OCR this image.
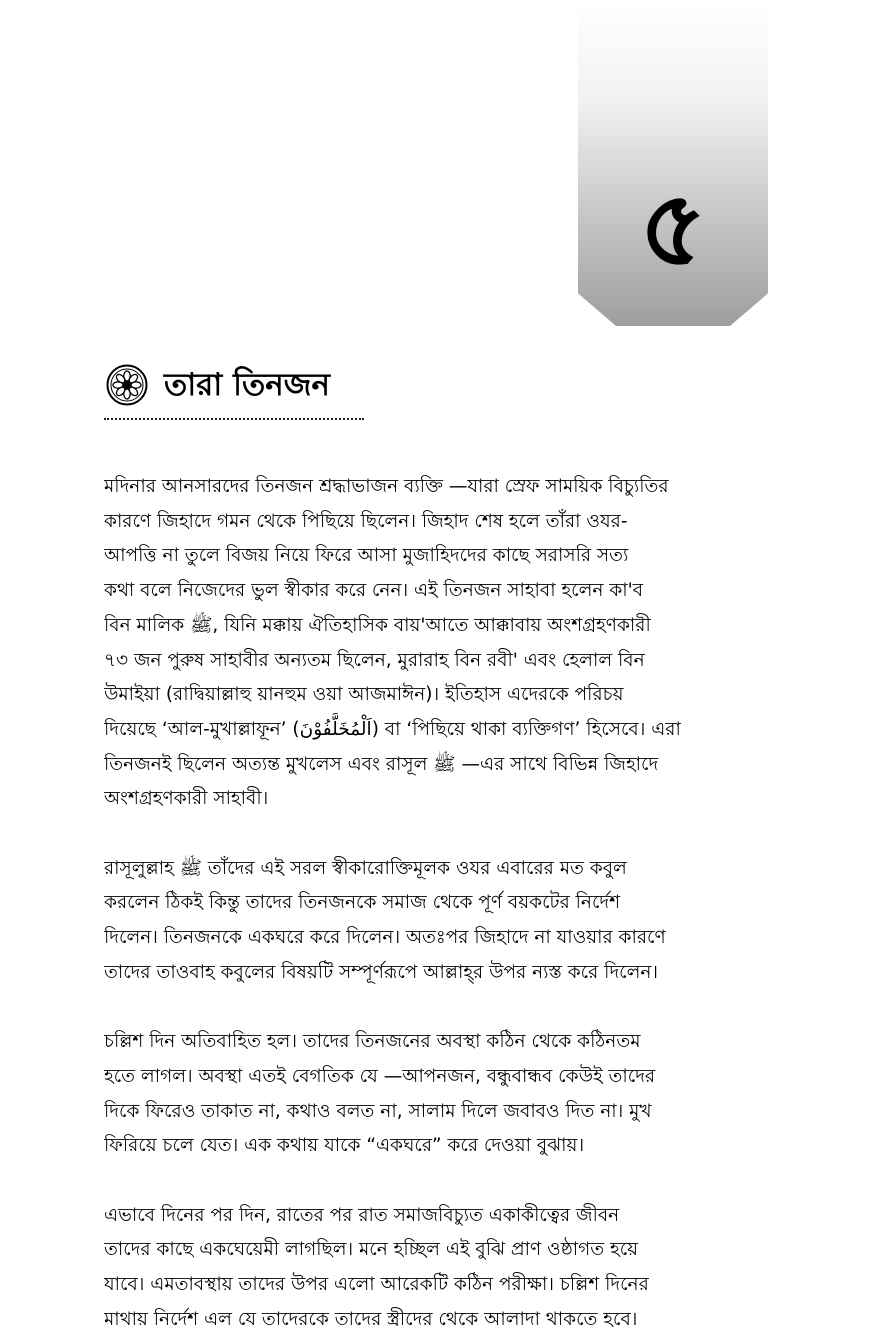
৫
তারা তিনজন

মদিনার আনসারদের তিনজন শ্রদ্ধাভাজন ব্যক্তি —যারা স্রেফ সাময়িক বিচ্যুতির
কারণে জিহাদে গমন থেকে পিছিয়ে ছিলেন। জিহাদ শেষ হলে তাঁরা ওযর-
আপত্তি না তুলে বিজয় নিয়ে ফিরে আসা মুজাহিদদের কাছে সরাসরি সত্য
কথা বলে নিজেদের ভুল স্বীকার করে নেন। এই তিনজন সাহাবা হলেন কা'ব
বিন মালিক ﷺ, যিনি মক্কায় ঐতিহাসিক বায়'আতে আক্কাবায় অংশগ্রহণকারী
৭৩ জন পুরুষ সাহাবীর অন্যতম ছিলেন, মুরারাহ বিন রবী' এবং হেলাল বিন
উমাইয়া (রাদ্বিয়াল্লাহু য়ানহুম ওয়া আজমাঈন)। ইতিহাস এদেরকে পরিচয়
দিয়েছে ‘আল-মুখাল্লাফূন’ (اَلْمُخَلَّفُوْنَ) বা ‘পিছিয়ে থাকা ব্যক্তিগণ’ হিসেবে। এরা
তিনজনই ছিলেন অত্যন্ত মুখলেস এবং রাসূল ﷺ —এর সাথে বিভিন্ন জিহাদে
অংশগ্রহণকারী সাহাবী।

রাসূলুল্লাহ ﷺ তাঁদের এই সরল স্বীকারোক্তিমূলক ওযর এবারের মত কবুল
করলেন ঠিকই কিন্তু তাদের তিনজনকে সমাজ থেকে পূর্ণ বয়কটের নির্দেশ
দিলেন। তিনজনকে একঘরে করে দিলেন। অতঃপর জিহাদে না যাওয়ার কারণে
তাদের তাওবাহ কবুলের বিষয়টি সম্পূর্ণরূপে আল্লাহ্‌র উপর ন্যস্ত করে দিলেন।

চল্লিশ দিন অতিবাহিত হল। তাদের তিনজনের অবস্থা কঠিন থেকে কঠিনতম
হতে লাগল। অবস্থা এতই বেগতিক যে —আপনজন, বন্ধুবান্ধব কেউই তাদের
দিকে ফিরেও তাকাত না, কথাও বলত না, সালাম দিলে জবাবও দিত না। মুখ
ফিরিয়ে চলে যেত। এক কথায় যাকে “একঘরে” করে দেওয়া বুঝায়।

এভাবে দিনের পর দিন, রাতের পর রাত সমাজবিচ্যুত একাকীত্বের জীবন
তাদের কাছে একঘেয়েমী লাগছিল। মনে হচ্ছিল এই বুঝি প্রাণ ওষ্ঠাগত হয়ে
যাবে। এমতাবস্থায় তাদের উপর এলো আরেকটি কঠিন পরীক্ষা। চল্লিশ দিনের
মাথায় নির্দেশ এল যে তাদেরকে তাদের স্ত্রীদের থেকে আলাদা থাকতে হবে।
